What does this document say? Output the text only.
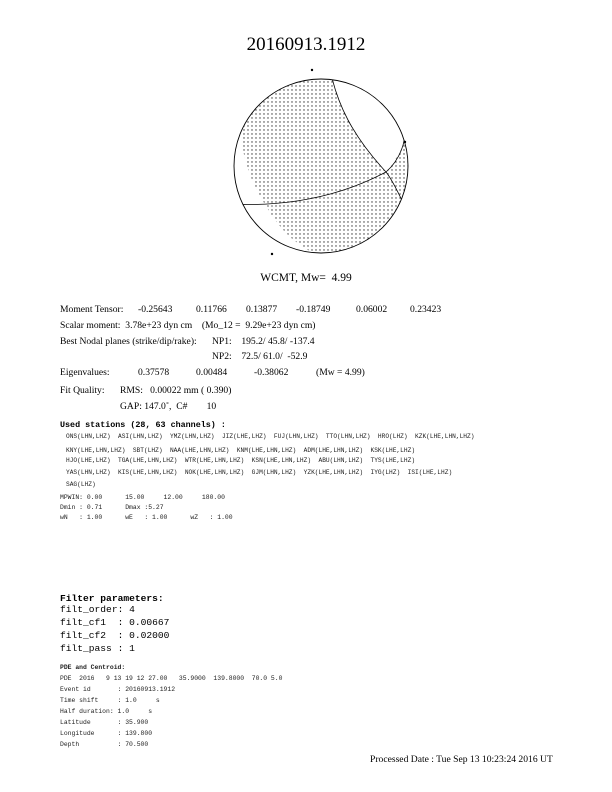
20160913.1912
WCMT, Mw=  4.99
Moment Tensor: -0.25643 0.11766 0.13877 -0.18749	0.06002 0.23423
Scalar moment:  3.78e+23 dyn cm    (Mo_12 =  9.29e+23 dyn cm)
Best Nodal planes (strike/dip/rake): NP1:    195.2/ 45.8/ -137.4
NP2:    72.5/ 61.0/  -52.9
Eigenvalues:	0.37578	0.00484	-0.38062	(Mw = 4.99)
Fit Quality: RMS:   0.00022 mm ( 0.390)
GAP: 147.0˚,  C#        10
Used stations (28, 63 channels) :
ONS(LHN,LHZ)  ASI(LHN,LHZ)  YMZ(LHN,LHZ)  JIZ(LHE,LHZ)  FUJ(LHN,LHZ)  TTO(LHN,LHZ)  HRO(LHZ)  KZK(LHE,LHN,LHZ)
KNY(LHE,LHN,LHZ)  SBT(LHZ)  NAA(LHE,LHN,LHZ)  KNM(LHE,LHN,LHZ)  ADM(LHE,LHN,LHZ)  KSK(LHE,LHZ)
HJO(LHE,LHZ)  TGA(LHE,LHN,LHZ)  WTR(LHE,LHN,LHZ)  KSN(LHE,LHN,LHZ)  ABU(LHN,LHZ)  TYS(LHE,LHZ)
YAS(LHN,LHZ)  KIS(LHE,LHN,LHZ)  NOK(LHE,LHN,LHZ)  GJM(LHN,LHZ)  YZK(LHE,LHN,LHZ)  IYG(LHZ)  ISI(LHE,LHZ)
SAG(LHZ)
MPWIN: 0.00      15.00     12.00     180.00
Dmin : 0.71      Dmax :5.27
wN   : 1.00      wE   : 1.00      wZ   : 1.00
Filter parameters:
filt_order: 4
filt_cf1  : 0.00667
filt_cf2  : 0.02000
filt_pass : 1
PDE and Centroid:
PDE  2016   9 13 19 12 27.00   35.9000  139.8000  70.0 5.0
Event id       : 20160913.1912
Time shift     : 1.0     s
Half duration: 1.0     s
Latitude       : 35.900
Longitude      : 139.800
Depth          : 70.500
Processed Date : Tue Sep 13 10:23:24 2016 UT
